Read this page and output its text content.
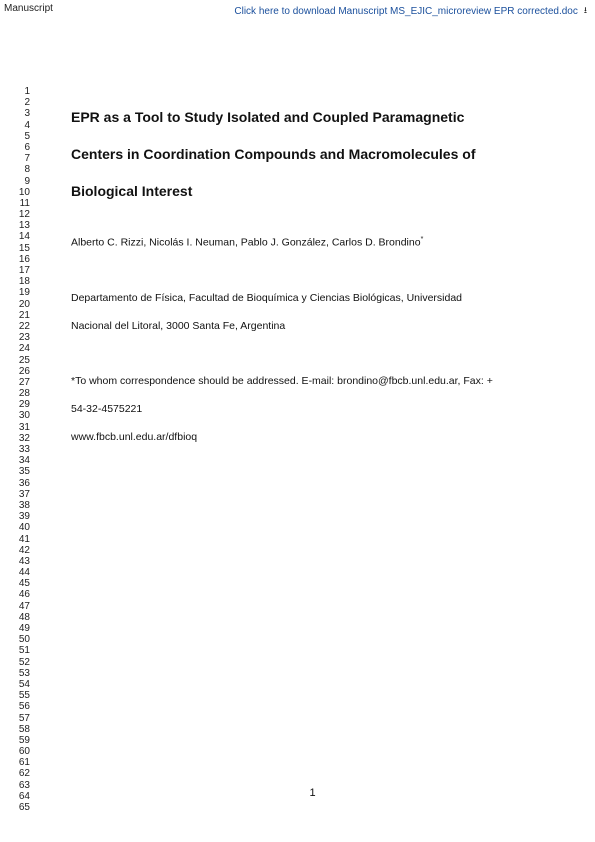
Manuscript	Click here to download Manuscript MS_EJIC_microreview EPR corrected.doc ⭳
1
2
3
4
5
6
7
8
9
10
11
12
13
14
15
16
17
18
19
20
21
22
23
24
25
26
27
28
29
30
31
32
33
34
35
36
37
38
39
40
41
42
43
44
45
46
47
48
49
50
51
52
53
54
55
56
57
58
59
60
61
62
63
64
65
EPR as a Tool to Study Isolated and Coupled Paramagnetic
Centers in Coordination Compounds and Macromolecules of
Biological Interest
Alberto C. Rizzi, Nicolás I. Neuman, Pablo J. González, Carlos D. Brondino*
Departamento de Física, Facultad de Bioquímica y Ciencias Biológicas, Universidad
Nacional del Litoral, 3000 Santa Fe, Argentina
*To whom correspondence should be addressed. E-mail: brondino@fbcb.unl.edu.ar, Fax: +
54-32-4575221
www.fbcb.unl.edu.ar/dfbioq
1
